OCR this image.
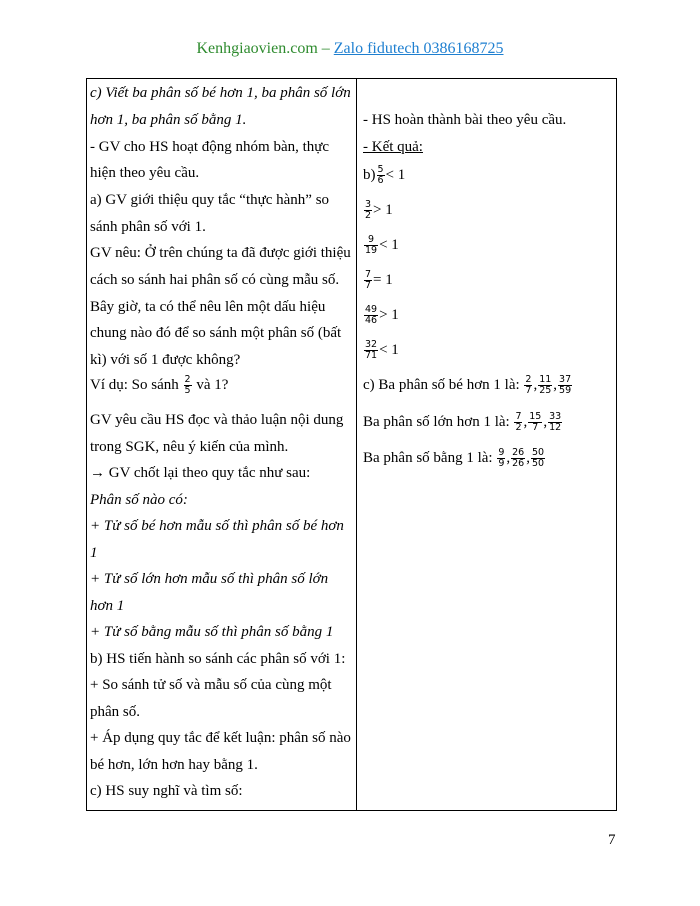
Kenhgiaovien.com – Zalo fidutech 0386168725
c) Viết ba phân số bé hơn 1, ba phân số lớn
hơn 1, ba phân số bằng 1.
- GV cho HS hoạt động nhóm bàn, thực
hiện theo yêu cầu.
a) GV giới thiệu quy tắc “thực hành” so
sánh phân số với 1.
GV nêu: Ở trên chúng ta đã được giới thiệu
cách so sánh hai phân số có cùng mẫu số.
Bây giờ, ta có thể nêu lên một dấu hiệu
chung nào đó để so sánh một phân số (bất
kì) với số 1 được không?
Ví dụ: So sánh $\frac{2}{5}$ và 1?
GV yêu cầu HS đọc và thảo luận nội dung
trong SGK, nêu ý kiến của mình.
→ GV chốt lại theo quy tắc như sau:
Phân số nào có:
+ Tử số bé hơn mẫu số thì phân số bé hơn
1
+ Tử số lớn hơn mẫu số thì phân số lớn
hơn 1
+ Tử số bằng mẫu số thì phân số bằng 1
b) HS tiến hành so sánh các phân số với 1:
+ So sánh tử số và mẫu số của cùng một
phân số.
+ Áp dụng quy tắc để kết luận: phân số nào
bé hơn, lớn hơn hay bằng 1.
c) HS suy nghĩ và tìm số:
- HS hoàn thành bài theo yêu cầu.
- Kết quả:
$b) \frac{5}{6} < 1$
$\frac{3}{2} > 1$
$\frac{9}{19} < 1$
$\frac{7}{7} = 1$
$\frac{49}{46} > 1$
$\frac{32}{71} < 1$
c) Ba phân số bé hơn 1 là: $\frac{2}{7}$ , $\frac{11}{25}$ , $\frac{37}{59}$
Ba phân số lớn hơn 1 là: $\frac{7}{2}$ , $\frac{15}{7}$ , $\frac{33}{12}$
Ba phân số bằng 1 là: $\frac{9}{9}$ , $\frac{26}{26}$ , $\frac{50}{50}$
7
